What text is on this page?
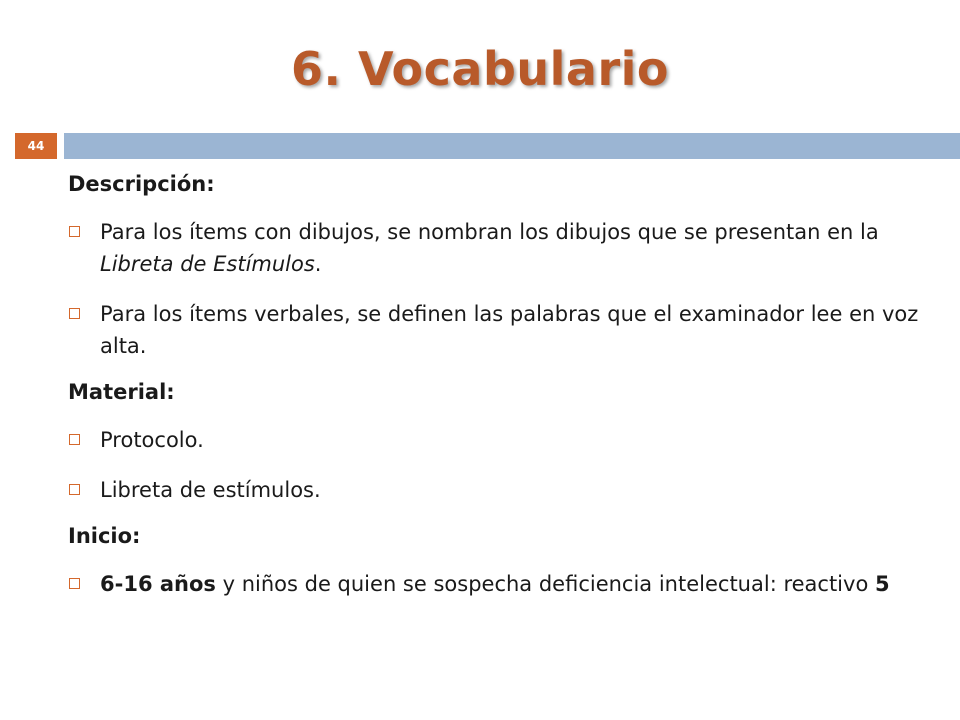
6. Vocabulario
44
Descripción:
Para los ítems con dibujos, se nombran los dibujos que se presentan en la Libreta de Estímulos.
Para los ítems verbales, se definen las palabras que el examinador lee en voz alta.
Material:
Protocolo.
Libreta de estímulos.
Inicio:
6-16 años y niños de quien se sospecha deficiencia intelectual: reactivo 5
